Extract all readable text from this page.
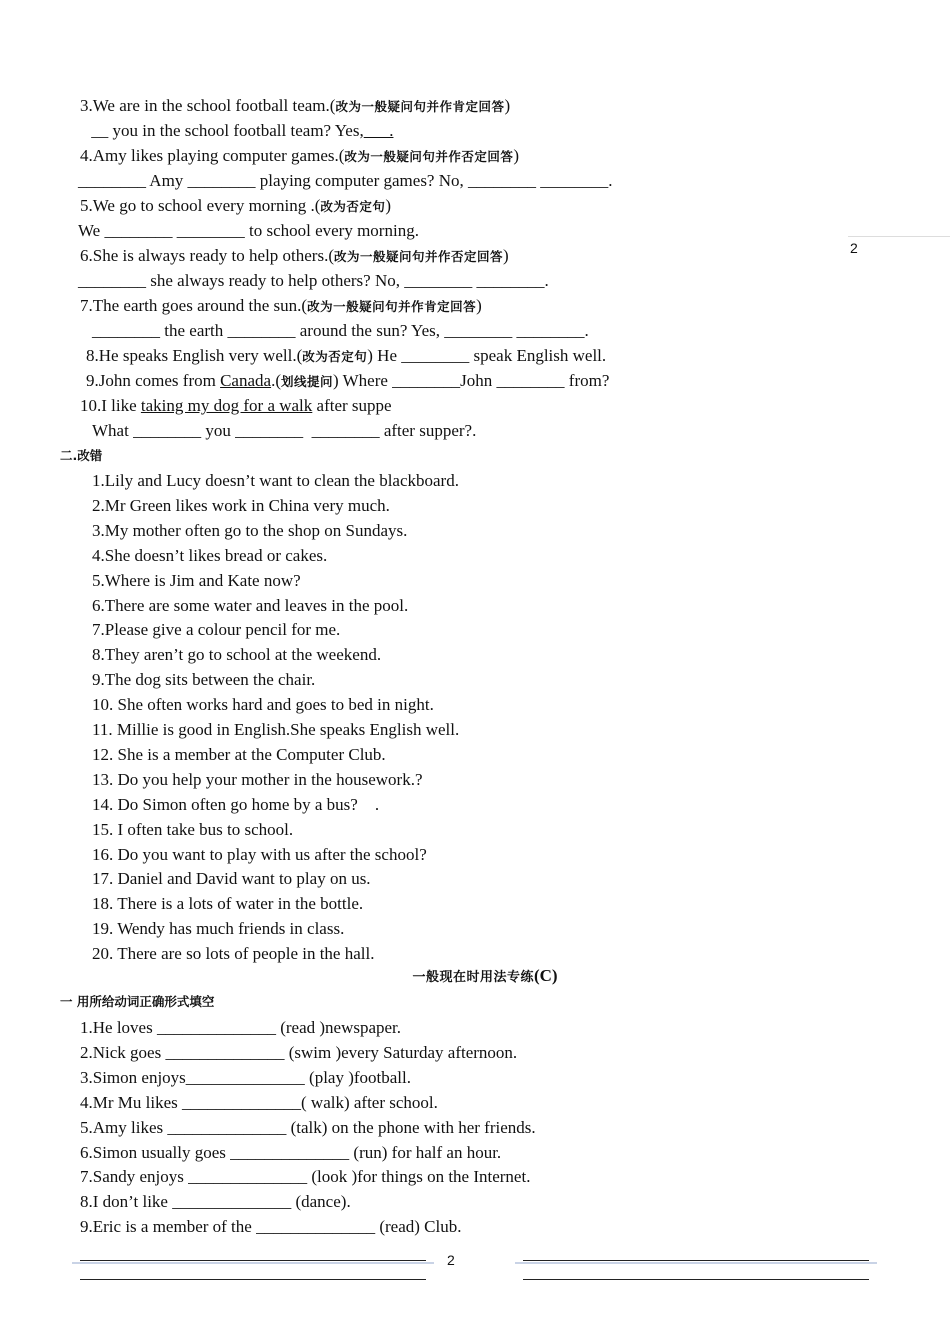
3.We are in the school football team.(改为一般疑问句并作肯定回答)
__ you in the school football team? Yes,      .
4.Amy likes playing computer games.(改为一般疑问句并作否定回答)
________ Amy ________ playing computer games? No, ________ ________.
5.We go to school every morning .(改为否定句)
We ________ ________ to school every morning.
6.She is always ready to help others.(改为一般疑问句并作否定回答)
________ she always ready to help others? No, ________ ________.
7.The earth goes around the sun.(改为一般疑问句并作肯定回答)
________ the earth ________ around the sun? Yes, ________ ________.
8.He speaks English very well.(改为否定句) He ________ speak English well.
9.John comes from Canada.(划线提问) Where ________John ________ from?
10.I like taking my dog for a walk after suppe
What ________ you ________  ________ after supper?.
二.改错
1.Lily and Lucy doesn’t want to clean the blackboard.
2.Mr Green likes work in China very much.
3.My mother often go to the shop on Sundays.
4.She doesn’t likes bread or cakes.
5.Where is Jim and Kate now?
6.There are some water and leaves in the pool.
7.Please give a colour pencil for me.
8.They aren’t go to school at the weekend.
9.The dog sits between the chair.
10. She often works hard and goes to bed in night.
11. Millie is good in English.She speaks English well.
12. She is a member at the Computer Club.
13. Do you help your mother in the housework.?
14. Do Simon often go home by a bus?    .
15. I often take bus to school.
16. Do you want to play with us after the school?
17. Daniel and David want to play on us.
18. There is a lots of water in the bottle.
19. Wendy has much friends in class.
20. There are so lots of people in the hall.
一般现在时用法专练(C)
一 用所给动词正确形式填空
1.He loves ______________ (read )newspaper.
2.Nick goes ______________ (swim )every Saturday afternoon.
3.Simon enjoys______________ (play )football.
4.Mr Mu likes ______________( walk) after school.
5.Amy likes ______________ (talk) on the phone with her friends.
6.Simon usually goes ______________ (run) for half an hour.
7.Sandy enjoys ______________ (look )for things on the Internet.
8.I don’t like ______________ (dance).
9.Eric is a member of the ______________ (read) Club.
2
2
